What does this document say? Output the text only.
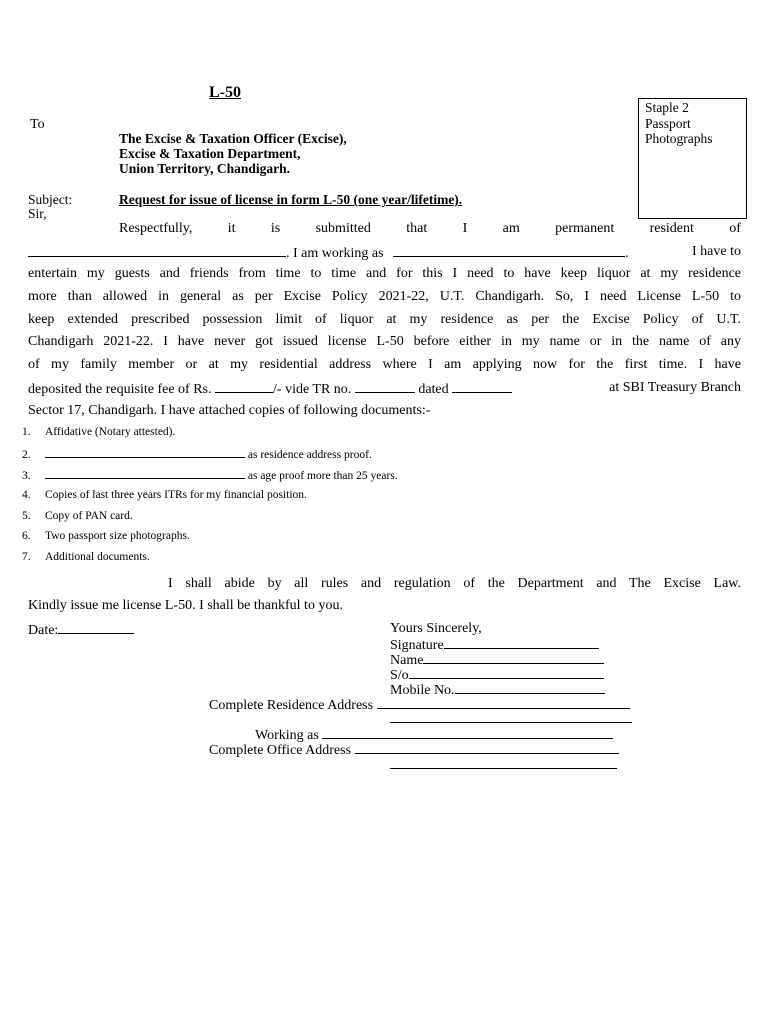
L-50
Staple 2
Passport
Photographs
To
The Excise & Taxation Officer (Excise),
Excise & Taxation Department,
Union Territory, Chandigarh.
Subject:	Request for issue of license in form L-50 (one year/lifetime).
Sir,
Respectfully,	it	is	submitted	that	I	am	permanent	resident	of
. I am working as	.	I have to
entertain my guests and friends from time to time and for this I need to have keep liquor at my residence
more than allowed in general as per Excise Policy 2021-22, U.T. Chandigarh. So, I need License L-50 to
keep extended prescribed possession limit of liquor at my residence as per the Excise Policy of U.T.
Chandigarh 2021-22. I have never got issued license L-50 before either in my name or in the name of any
of my family member or at my residential address where I am applying now for the first time. I have
deposited the requisite fee of Rs.	/- vide TR no.	dated	at SBI Treasury Branch
Sector 17, Chandigarh. I have attached copies of following documents:-
1. Affidative (Notary attested).
2.	as residence address proof.
3.	as age proof more than 25 years.
4. Copies of last three years ITRs for my financial position.
5. Copy of PAN card.
6. Two passport size photographs.
7. Additional documents.
I shall abide by all rules and regulation of the Department and The Excise Law.
Kindly issue me license L-50. I shall be thankful to you.
Date:	Yours Sincerely,
Signature
Name
S/o
Mobile No.
Complete Residence Address
Working as
Complete Office Address
